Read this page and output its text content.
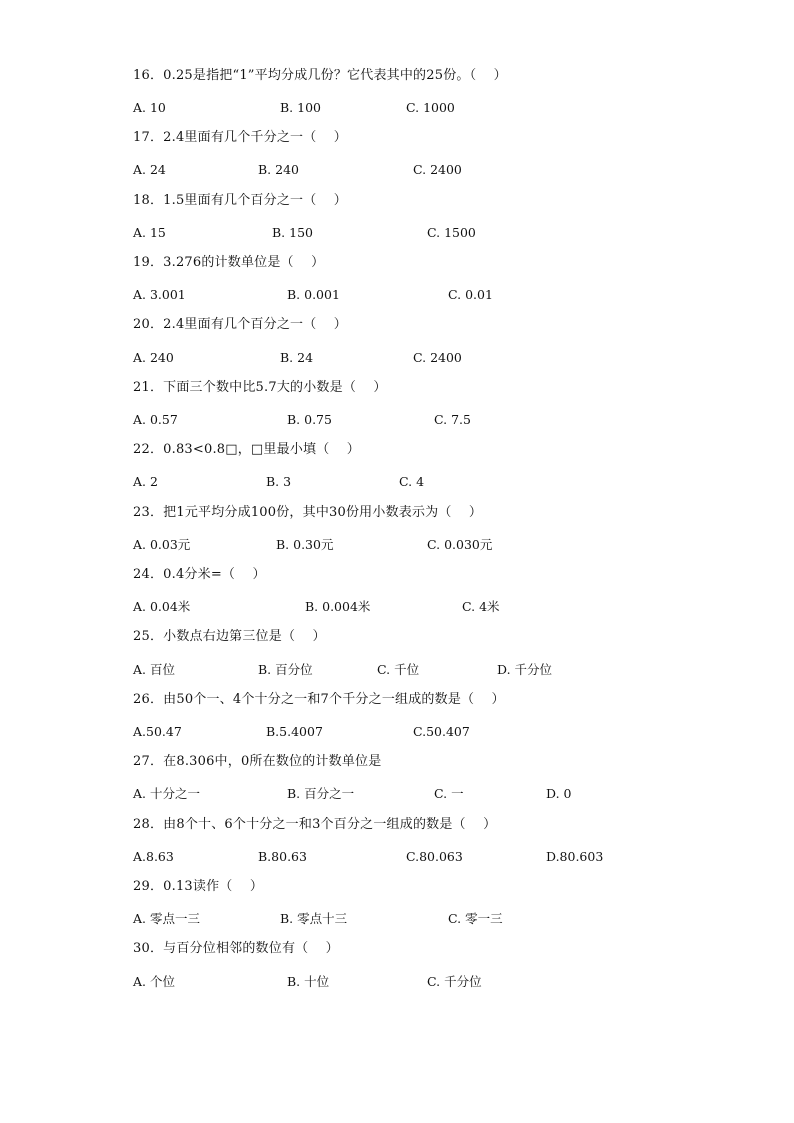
16．0.25是指把“1”平均分成几份？它代表其中的25份。（    ）
A. 10	B. 100	C. 1000
17．2.4里面有几个千分之一（    ）
A. 24	B. 240	C. 2400
18．1.5里面有几个百分之一（    ）
A. 15	B. 150	C. 1500
19．3.276的计数单位是（    ）
A. 3.001	B. 0.001	C. 0.01
20．2.4里面有几个百分之一（    ）
A. 240	B. 24	C. 2400
21．下面三个数中比5.7大的小数是（    ）
A. 0.57	B. 0.75	C. 7.5
22．0.83<0.8□，□里最小填（    ）
A. 2	B. 3	C. 4
23．把1元平均分成100份，其中30份用小数表示为（    ）
A. 0.03元	B. 0.30元	C. 0.030元
24．0.4分米=（    ）
A. 0.04米	B. 0.004米	C. 4米
25．小数点右边第三位是（    ）
A. 百位	B. 百分位	C. 千位	D. 千分位
26．由50个一、4个十分之一和7个千分之一组成的数是（    ）
A.50.47	B.5.4007	C.50.407
27．在8.306中，0所在数位的计数单位是
A. 十分之一	B. 百分之一	C. 一	D. 0
28．由8个十、6个十分之一和3个百分之一组成的数是（    ）
A.8.63	B.80.63	C.80.063	D.80.603
29．0.13读作（    ）
A. 零点一三	B. 零点十三	C. 零一三
30．与百分位相邻的数位有（    ）
A. 个位	B. 十位	C. 千分位
